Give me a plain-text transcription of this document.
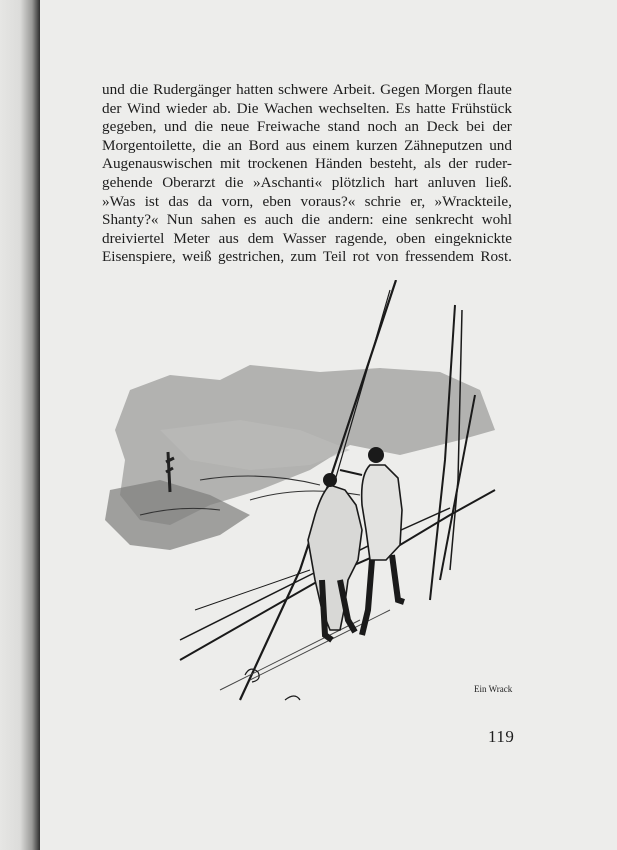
und die Rudergänger hatten schwere Arbeit. Gegen Morgen flaute
der Wind wieder ab. Die Wachen wechselten. Es hatte Frühstück
gegeben, und die neue Freiwache stand noch an Deck bei der
Morgentoilette, die an Bord aus einem kurzen Zähneputzen und
Augenauswischen mit trockenen Händen besteht, als der ruder-
gehende Oberarzt die »Aschanti« plötzlich hart anluven ließ.
»Was ist das da vorn, eben voraus?« schrie er, »Wrackteile,
Shanty?« Nun sahen es auch die andern: eine senkrecht wohl
dreiviertel Meter aus dem Wasser ragende, oben eingeknickte
Eisenspiere, weiß gestrichen, zum Teil rot von fressendem Rost.
Ein Wrack
119
